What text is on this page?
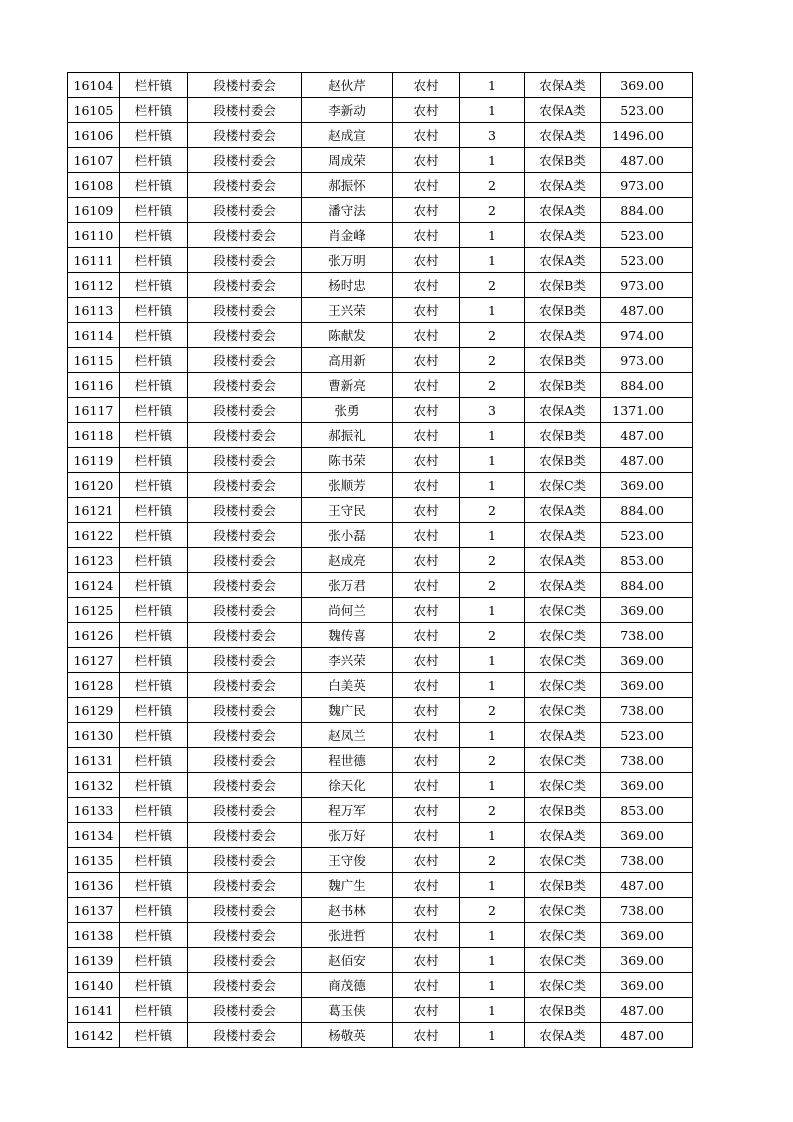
16104	栏杆镇	段楼村委会	赵伙芹	农村	1	农保A类	369.00
16105	栏杆镇	段楼村委会	李新动	农村	1	农保A类	523.00
16106	栏杆镇	段楼村委会	赵成宣	农村	3	农保A类	1496.00
16107	栏杆镇	段楼村委会	周成荣	农村	1	农保B类	487.00
16108	栏杆镇	段楼村委会	郝振怀	农村	2	农保A类	973.00
16109	栏杆镇	段楼村委会	潘守法	农村	2	农保A类	884.00
16110	栏杆镇	段楼村委会	肖金峰	农村	1	农保A类	523.00
16111	栏杆镇	段楼村委会	张万明	农村	1	农保A类	523.00
16112	栏杆镇	段楼村委会	杨时忠	农村	2	农保B类	973.00
16113	栏杆镇	段楼村委会	王兴荣	农村	1	农保B类	487.00
16114	栏杆镇	段楼村委会	陈献发	农村	2	农保A类	974.00
16115	栏杆镇	段楼村委会	高用新	农村	2	农保B类	973.00
16116	栏杆镇	段楼村委会	曹新亮	农村	2	农保B类	884.00
16117	栏杆镇	段楼村委会	张勇	农村	3	农保A类	1371.00
16118	栏杆镇	段楼村委会	郝振礼	农村	1	农保B类	487.00
16119	栏杆镇	段楼村委会	陈书荣	农村	1	农保B类	487.00
16120	栏杆镇	段楼村委会	张顺芳	农村	1	农保C类	369.00
16121	栏杆镇	段楼村委会	王守民	农村	2	农保A类	884.00
16122	栏杆镇	段楼村委会	张小磊	农村	1	农保A类	523.00
16123	栏杆镇	段楼村委会	赵成亮	农村	2	农保A类	853.00
16124	栏杆镇	段楼村委会	张万君	农村	2	农保A类	884.00
16125	栏杆镇	段楼村委会	尚何兰	农村	1	农保C类	369.00
16126	栏杆镇	段楼村委会	魏传喜	农村	2	农保C类	738.00
16127	栏杆镇	段楼村委会	李兴荣	农村	1	农保C类	369.00
16128	栏杆镇	段楼村委会	白美英	农村	1	农保C类	369.00
16129	栏杆镇	段楼村委会	魏广民	农村	2	农保C类	738.00
16130	栏杆镇	段楼村委会	赵凤兰	农村	1	农保A类	523.00
16131	栏杆镇	段楼村委会	程世德	农村	2	农保C类	738.00
16132	栏杆镇	段楼村委会	徐天化	农村	1	农保C类	369.00
16133	栏杆镇	段楼村委会	程万军	农村	2	农保B类	853.00
16134	栏杆镇	段楼村委会	张万好	农村	1	农保A类	369.00
16135	栏杆镇	段楼村委会	王守俊	农村	2	农保C类	738.00
16136	栏杆镇	段楼村委会	魏广生	农村	1	农保B类	487.00
16137	栏杆镇	段楼村委会	赵书林	农村	2	农保C类	738.00
16138	栏杆镇	段楼村委会	张进哲	农村	1	农保C类	369.00
16139	栏杆镇	段楼村委会	赵佰安	农村	1	农保C类	369.00
16140	栏杆镇	段楼村委会	商茂德	农村	1	农保C类	369.00
16141	栏杆镇	段楼村委会	葛玉侠	农村	1	农保B类	487.00
16142	栏杆镇	段楼村委会	杨敬英	农村	1	农保A类	487.00
